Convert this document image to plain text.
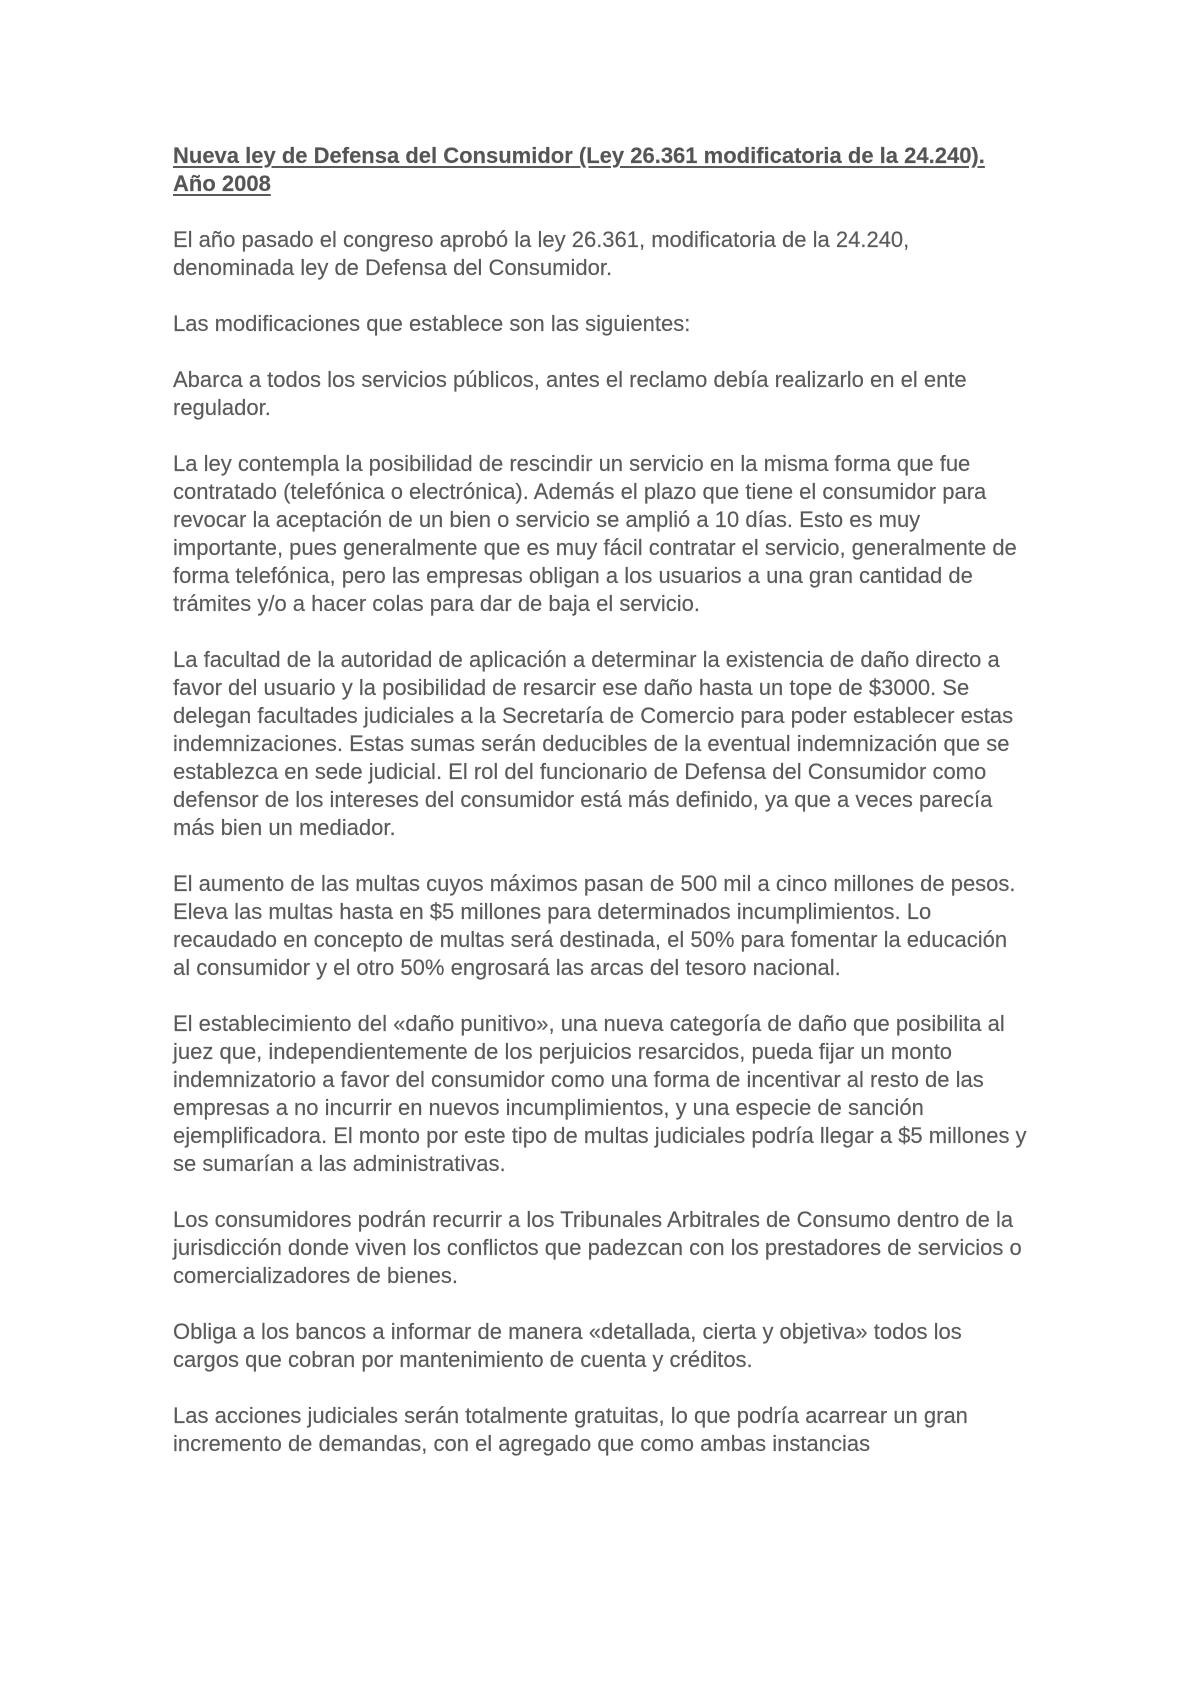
Nueva ley de Defensa del Consumidor (Ley 26.361 modificatoria de la 24.240). Año 2008

El año pasado el congreso aprobó la ley 26.361, modificatoria de la 24.240, denominada ley de Defensa del Consumidor.

Las modificaciones que establece son las siguientes:

Abarca a todos los servicios públicos, antes el reclamo debía realizarlo en el ente regulador.

La ley contempla la posibilidad de rescindir un servicio en la misma forma que fue contratado (telefónica o electrónica). Además el plazo que tiene el consumidor para revocar la aceptación de un bien o servicio se amplió a 10 días. Esto es muy importante, pues generalmente que es muy fácil contratar el servicio, generalmente de forma telefónica, pero las empresas obligan a los usuarios a una gran cantidad de trámites y/o a hacer colas para dar de baja el servicio.

La facultad de la autoridad de aplicación a determinar la existencia de daño directo a favor del usuario y la posibilidad de resarcir ese daño hasta un tope de $3000. Se delegan facultades judiciales a la Secretaría de Comercio para poder establecer estas indemnizaciones. Estas sumas serán deducibles de la eventual indemnización que se establezca en sede judicial. El rol del funcionario de Defensa del Consumidor como defensor de los intereses del consumidor está más definido, ya que a veces parecía más bien un mediador.

El aumento de las multas cuyos máximos pasan de 500 mil a cinco millones de pesos. Eleva las multas hasta en $5 millones para determinados incumplimientos. Lo recaudado en concepto de multas será destinada, el 50% para fomentar la educación al consumidor y el otro 50% engrosará las arcas del tesoro nacional.

El establecimiento del «daño punitivo», una nueva categoría de daño que posibilita al juez que, independientemente de los perjuicios resarcidos, pueda fijar un monto indemnizatorio a favor del consumidor como una forma de incentivar al resto de las empresas a no incurrir en nuevos incumplimientos, y una especie de sanción ejemplificadora. El monto por este tipo de multas judiciales podría llegar a $5 millones y se sumarían a las administrativas.

Los consumidores podrán recurrir a los Tribunales Arbitrales de Consumo dentro de la jurisdicción donde viven los conflictos que padezcan con los prestadores de servicios o comercializadores de bienes.

Obliga a los bancos a informar de manera «detallada, cierta y objetiva» todos los cargos que cobran por mantenimiento de cuenta y créditos.

Las acciones judiciales serán totalmente gratuitas, lo que podría acarrear un gran incremento de demandas, con el agregado que como ambas instancias
